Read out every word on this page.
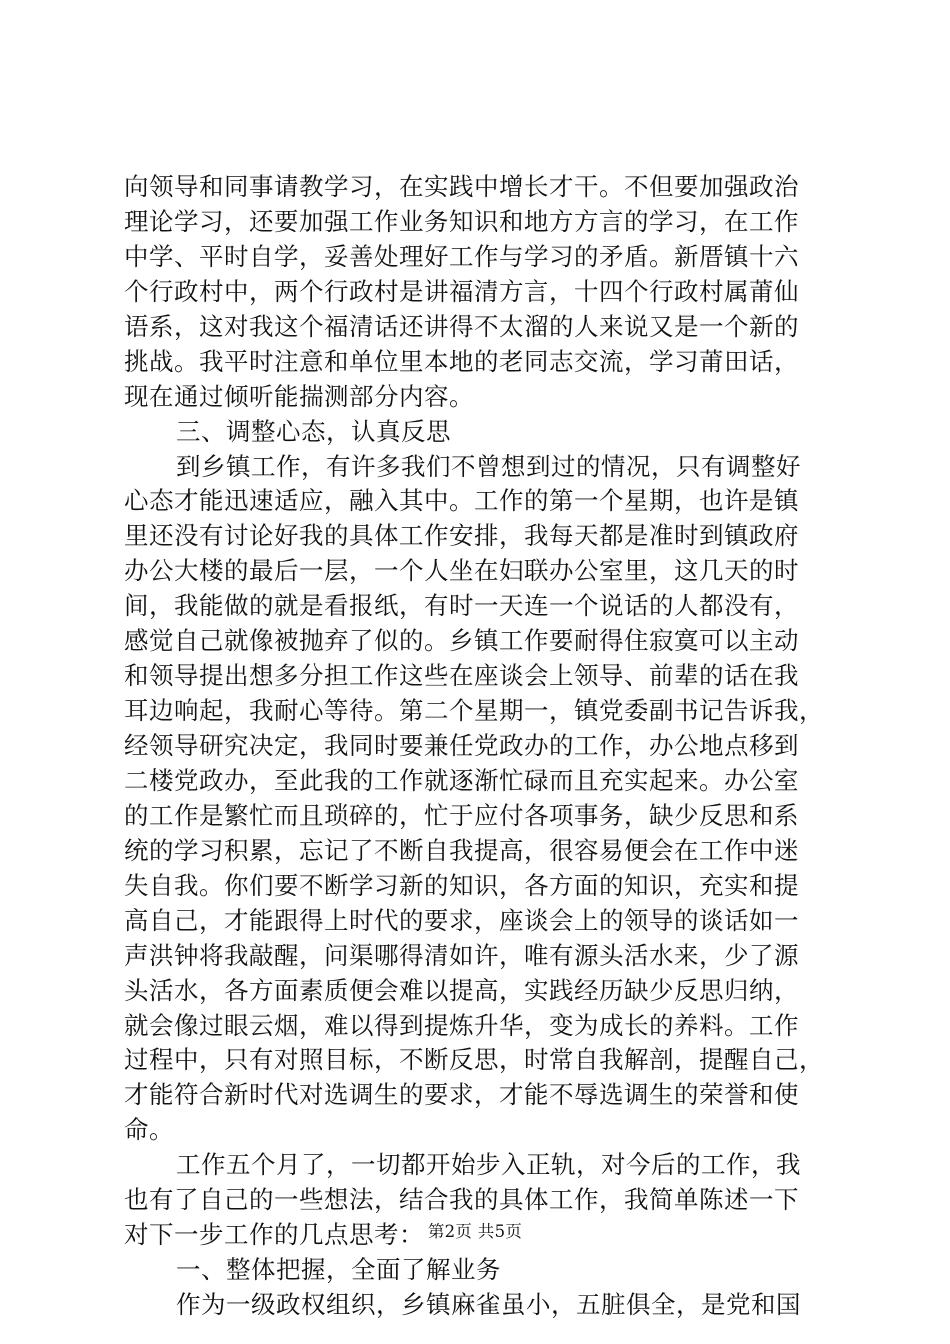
向领导和同事请教学习，在实践中增长才干。不但要加强政治
理论学习，还要加强工作业务知识和地方方言的学习，在工作
中学、平时自学，妥善处理好工作与学习的矛盾。新厝镇十六
个行政村中，两个行政村是讲福清方言，十四个行政村属莆仙
语系，这对我这个福清话还讲得不太溜的人来说又是一个新的
挑战。我平时注意和单位里本地的老同志交流，学习莆田话，
现在通过倾听能揣测部分内容。
三、调整心态，认真反思
到乡镇工作，有许多我们不曾想到过的情况，只有调整好
心态才能迅速适应，融入其中。工作的第一个星期，也许是镇
里还没有讨论好我的具体工作安排，我每天都是准时到镇政府
办公大楼的最后一层，一个人坐在妇联办公室里，这几天的时
间，我能做的就是看报纸，有时一天连一个说话的人都没有，
感觉自己就像被抛弃了似的。乡镇工作要耐得住寂寞可以主动
和领导提出想多分担工作这些在座谈会上领导、前辈的话在我
耳边响起，我耐心等待。第二个星期一，镇党委副书记告诉我，
经领导研究决定，我同时要兼任党政办的工作，办公地点移到
二楼党政办，至此我的工作就逐渐忙碌而且充实起来。办公室
的工作是繁忙而且琐碎的，忙于应付各项事务，缺少反思和系
统的学习积累，忘记了不断自我提高，很容易便会在工作中迷
失自我。你们要不断学习新的知识，各方面的知识，充实和提
高自己，才能跟得上时代的要求，座谈会上的领导的谈话如一
声洪钟将我敲醒，问渠哪得清如许，唯有源头活水来，少了源
头活水，各方面素质便会难以提高，实践经历缺少反思归纳，
就会像过眼云烟，难以得到提炼升华，变为成长的养料。工作
过程中，只有对照目标，不断反思，时常自我解剖，提醒自己，
才能符合新时代对选调生的要求，才能不辱选调生的荣誉和使
命。
工作五个月了，一切都开始步入正轨，对今后的工作，我
也有了自己的一些想法，结合我的具体工作，我简单陈述一下
对下一步工作的几点思考：
一、整体把握，全面了解业务
作为一级政权组织，乡镇麻雀虽小，五脏俱全，是党和国
第2页 共5页
